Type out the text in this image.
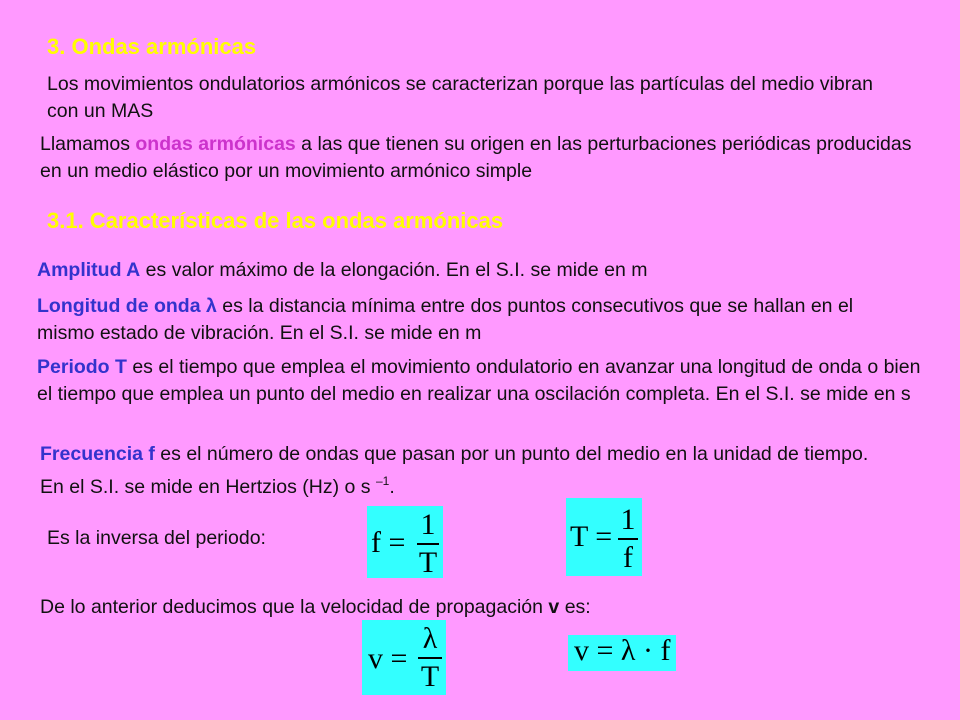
3. Ondas armónicas
Los movimientos ondulatorios armónicos se caracterizan porque las partículas del medio vibran con un MAS
Llamamos ondas armónicas a las que tienen su origen en las perturbaciones periódicas producidas en un medio elástico por un movimiento armónico simple
3.1. Características de las ondas armónicas
Amplitud A es valor máximo de la elongación. En el S.I. se mide en m
Longitud de onda λ es la distancia mínima entre dos puntos consecutivos que se hallan en el mismo estado de vibración. En el S.I. se mide en m
Periodo T es el tiempo que emplea el movimiento ondulatorio en avanzar una longitud de onda o bien el tiempo que emplea un punto del medio en realizar una oscilación completa. En el S.I. se mide en s
Frecuencia f es el número de ondas que pasan por un punto del medio en la unidad de tiempo. En el S.I. se mide en Hertzios (Hz) o s $^{-1}$.
Es la inversa del periodo:	f =
1
T
T =
1
f
De lo anterior deducimos que la velocidad de propagación v es:
v =
λ
T
v = λ · f
